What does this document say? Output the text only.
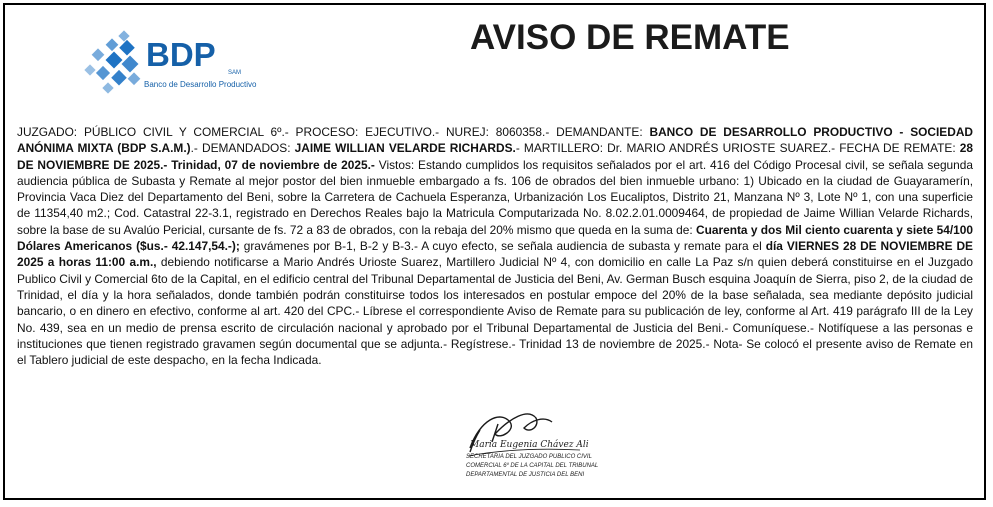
BDP SAM
Banco de Desarrollo Productivo
AVISO DE REMATE
JUZGADO: PÚBLICO CIVIL Y COMERCIAL 6º.- PROCESO: EJECUTIVO.- NUREJ: 8060358.- DEMANDANTE: BANCO DE DESARROLLO PRODUCTIVO - SOCIEDAD ANÓNIMA MIXTA (BDP S.A.M.).- DEMANDADOS: JAIME WILLIAN VELARDE RICHARDS.- MARTILLERO: Dr. MARIO ANDRÉS URIOSTE SUAREZ.- FECHA DE REMATE: 28 DE NOVIEMBRE DE 2025.- Trinidad, 07 de noviembre de 2025.- Vistos: Estando cumplidos los requisitos señalados por el art. 416 del Código Procesal civil, se señala segunda audiencia pública de Subasta y Remate al mejor postor del bien inmueble embargado a fs. 106 de obrados del bien inmueble urbano: 1) Ubicado en la ciudad de Guayaramerín, Provincia Vaca Diez del Departamento del Beni, sobre la Carretera de Cachuela Esperanza, Urbanización Los Eucaliptos, Distrito 21, Manzana Nº 3, Lote Nº 1, con una superficie de 11354,40 m2.; Cod. Catastral 22-3.1, registrado en Derechos Reales bajo la Matricula Computarizada No. 8.02.2.01.0009464, de propiedad de Jaime Willian Velarde Richards, sobre la base de su Avalúo Pericial, cursante de fs. 72 a 83 de obrados, con la rebaja del 20% mismo que queda en la suma de: Cuarenta y dos Mil ciento cuarenta y siete 54/100 Dólares Americanos ($us.- 42.147,54.-); gravámenes por B-1, B-2 y B-3.- A cuyo efecto, se señala audiencia de subasta y remate para el día VIERNES 28 DE NOVIEMBRE DE 2025 a horas 11:00 a.m., debiendo notificarse a Mario Andrés Urioste Suarez, Martillero Judicial Nº 4, con domicilio en calle La Paz s/n quien deberá constituirse en el Juzgado Publico Civil y Comercial 6to de la Capital, en el edificio central del Tribunal Departamental de Justicia del Beni, Av. German Busch esquina Joaquín de Sierra, piso 2, de la ciudad de Trinidad, el día y la hora señalados, donde también podrán constituirse todos los interesados en postular empoce del 20% de la base señalada, sea mediante depósito judicial bancario, o en dinero en efectivo, conforme al art. 420 del CPC.- Líbrese el correspondiente Aviso de Remate para su publicación de ley, conforme al Art. 419 parágrafo III de la Ley No. 439, sea en un medio de prensa escrito de circulación nacional y aprobado por el Tribunal Departamental de Justicia del Beni.- Comuníquese.- Notifíquese a las personas e instituciones que tienen registrado gravamen según documental que se adjunta.- Regístrese.- Trinidad 13 de noviembre de 2025.- Nota- Se colocó el presente aviso de Remate en el Tablero judicial de este despacho, en la fecha Indicada.
Maria Eugenia Chávez Ali
SECRETARIA DEL JUZGADO PUBLICO CIVIL
COMERCIAL 6º DE LA CAPITAL DEL TRIBUNAL
DEPARTAMENTAL DE JUSTICIA DEL BENI
